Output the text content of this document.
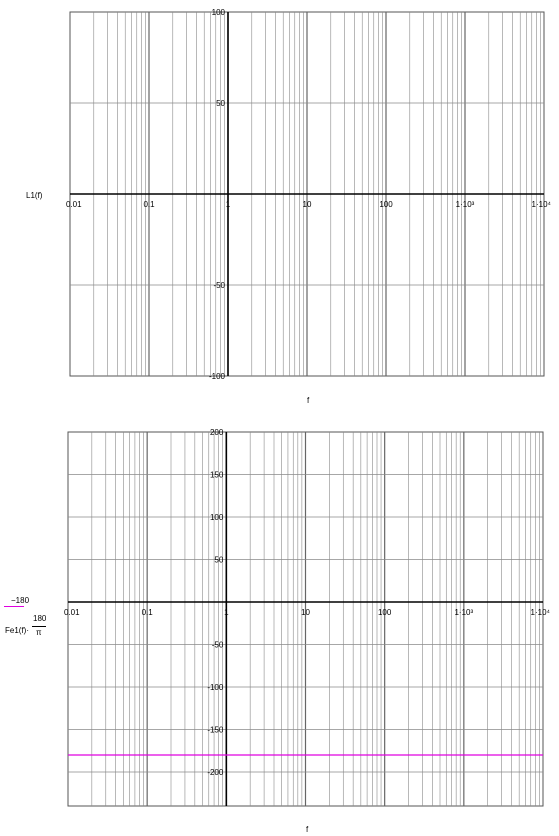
0.01	0.1	1	10	100	1·10³	1·10⁴
100
50
-50
-100
0.01	0.1	1	10	100	1·10³	1·10⁴
200
150
100
50
-50
-100
-150
-200
L1(f)
f
−180
Fe1(f)·
180
π
f
